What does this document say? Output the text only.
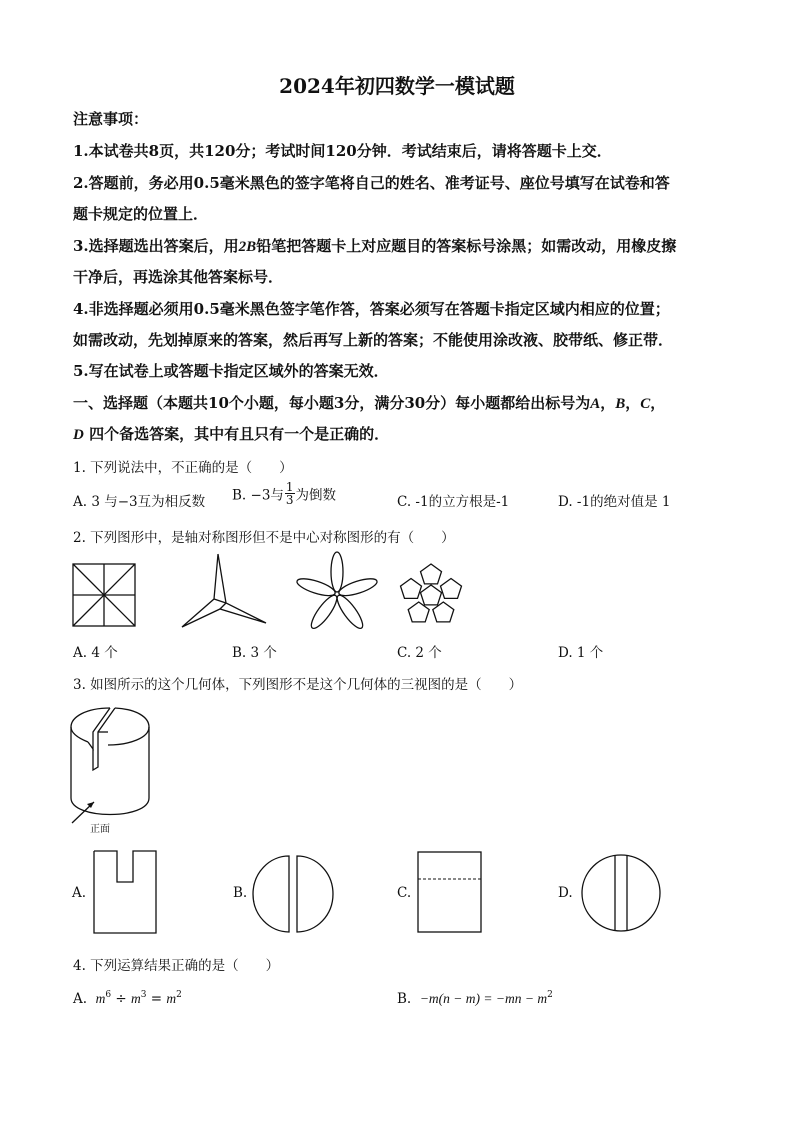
2024年初四数学一模试题
注意事项：
1.本试卷共8页，共120分；考试时间120分钟．考试结束后，请将答题卡上交．
2.答题前，务必用0.5毫米黑色的签字笔将自己的姓名、准考证号、座位号填写在试卷和答
题卡规定的位置上．
3.选择题选出答案后，用2B铅笔把答题卡上对应题目的答案标号涂黑；如需改动，用橡皮擦
干净后，再选涂其他答案标号．
4.非选择题必须用0.5毫米黑色签字笔作答，答案必须写在答题卡指定区域内相应的位置；
如需改动，先划掉原来的答案，然后再写上新的答案；不能使用涂改液、胶带纸、修正带．
5.写在试卷上或答题卡指定区域外的答案无效．
一、选择题（本题共10个小题，每小题3分，满分30分）每小题都给出标号为A，B，C，
D 四个备选答案，其中有且只有一个是正确的．
1. 下列说法中，不正确的是（　　）
A. 3 与−3互为相反数 B. −3与 $\frac{1}{3}$ 为倒数	C. -1的立方根是-1	D. -1的绝对值是 1
2. 下列图形中，是轴对称图形但不是中心对称图形的有（　　）
A. 4 个	B. 3 个	C. 2 个	D. 1 个
3. 如图所示的这个几何体，下列图形不是这个几何体的三视图的是（　　）
正面
A.	B.	C.	D.
4. 下列运算结果正确的是（　　）
A. $m^6 \div m^3 = m^2$	B. $-m(n - m) = -mn - m^2$
